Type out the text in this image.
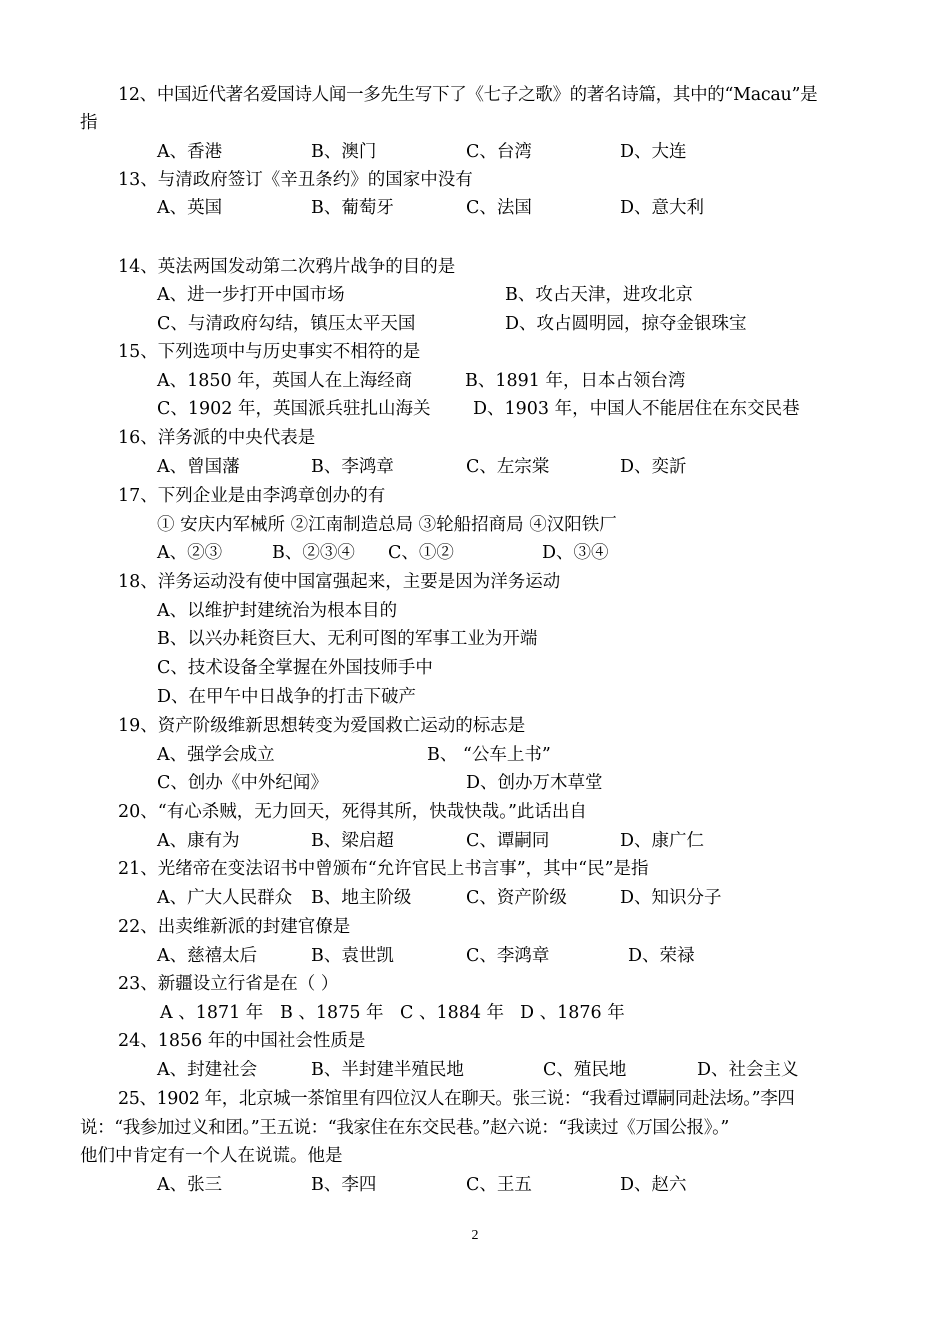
12、中国近代著名爱国诗人闻一多先生写下了《七子之歌》的著名诗篇，其中的“Macau”是
指
A、香港	B、澳门	C、台湾	D、大连
13、与清政府签订《辛丑条约》的国家中没有
A、英国	B、葡萄牙	C、法国	D、意大利
14、英法两国发动第二次鸦片战争的目的是
A、进一步打开中国市场	B、攻占天津，进攻北京
C、与清政府勾结，镇压太平天国	D、攻占圆明园，掠夺金银珠宝
15、下列选项中与历史事实不相符的是
A、1850 年，英国人在上海经商	B、1891 年，日本占领台湾
C、1902 年，英国派兵驻扎山海关 D、1903 年，中国人不能居住在东交民巷
16、洋务派的中央代表是
A、曾国藩	B、李鸿章	C、左宗棠	D、奕訢
17、下列企业是由李鸿章创办的有
① 安庆内军械所 ②江南制造总局 ③轮船招商局 ④汉阳铁厂
A、②③	B、②③④ C、①②	D、③④
18、洋务运动没有使中国富强起来，主要是因为洋务运动
A、以维护封建统治为根本目的
B、以兴办耗资巨大、无利可图的军事工业为开端
C、技术设备全掌握在外国技师手中
D、在甲午中日战争的打击下破产
19、资产阶级维新思想转变为爱国救亡运动的标志是
A、强学会成立	B、 “公车上书”
C、创办《中外纪闻》	D、创办万木草堂
20、“有心杀贼，无力回天，死得其所，快哉快哉。”此话出自
A、康有为	B、梁启超	C、谭嗣同	D、康广仁
21、光绪帝在变法诏书中曾颁布“允许官民上书言事”，其中“民”是指
A、广大人民群众 B、地主阶级	C、资产阶级	D、知识分子
22、出卖维新派的封建官僚是
A、慈禧太后	B、袁世凯	C、李鸿章	D、荣禄
23、新疆设立行省是在（ ）
A 、1871 年 B 、1875 年 C 、1884 年 D 、1876 年
24、1856 年的中国社会性质是
A、封建社会	B、半封建半殖民地	C、殖民地	D、社会主义
25、1902 年，北京城一茶馆里有四位汉人在聊天。张三说：“我看过谭嗣同赴法场。”李四
说：“我参加过义和团。”王五说：“我家住在东交民巷。”赵六说：“我读过《万国公报》。”
他们中肯定有一个人在说谎。他是
A、张三	B、李四	C、王五	D、赵六
2
